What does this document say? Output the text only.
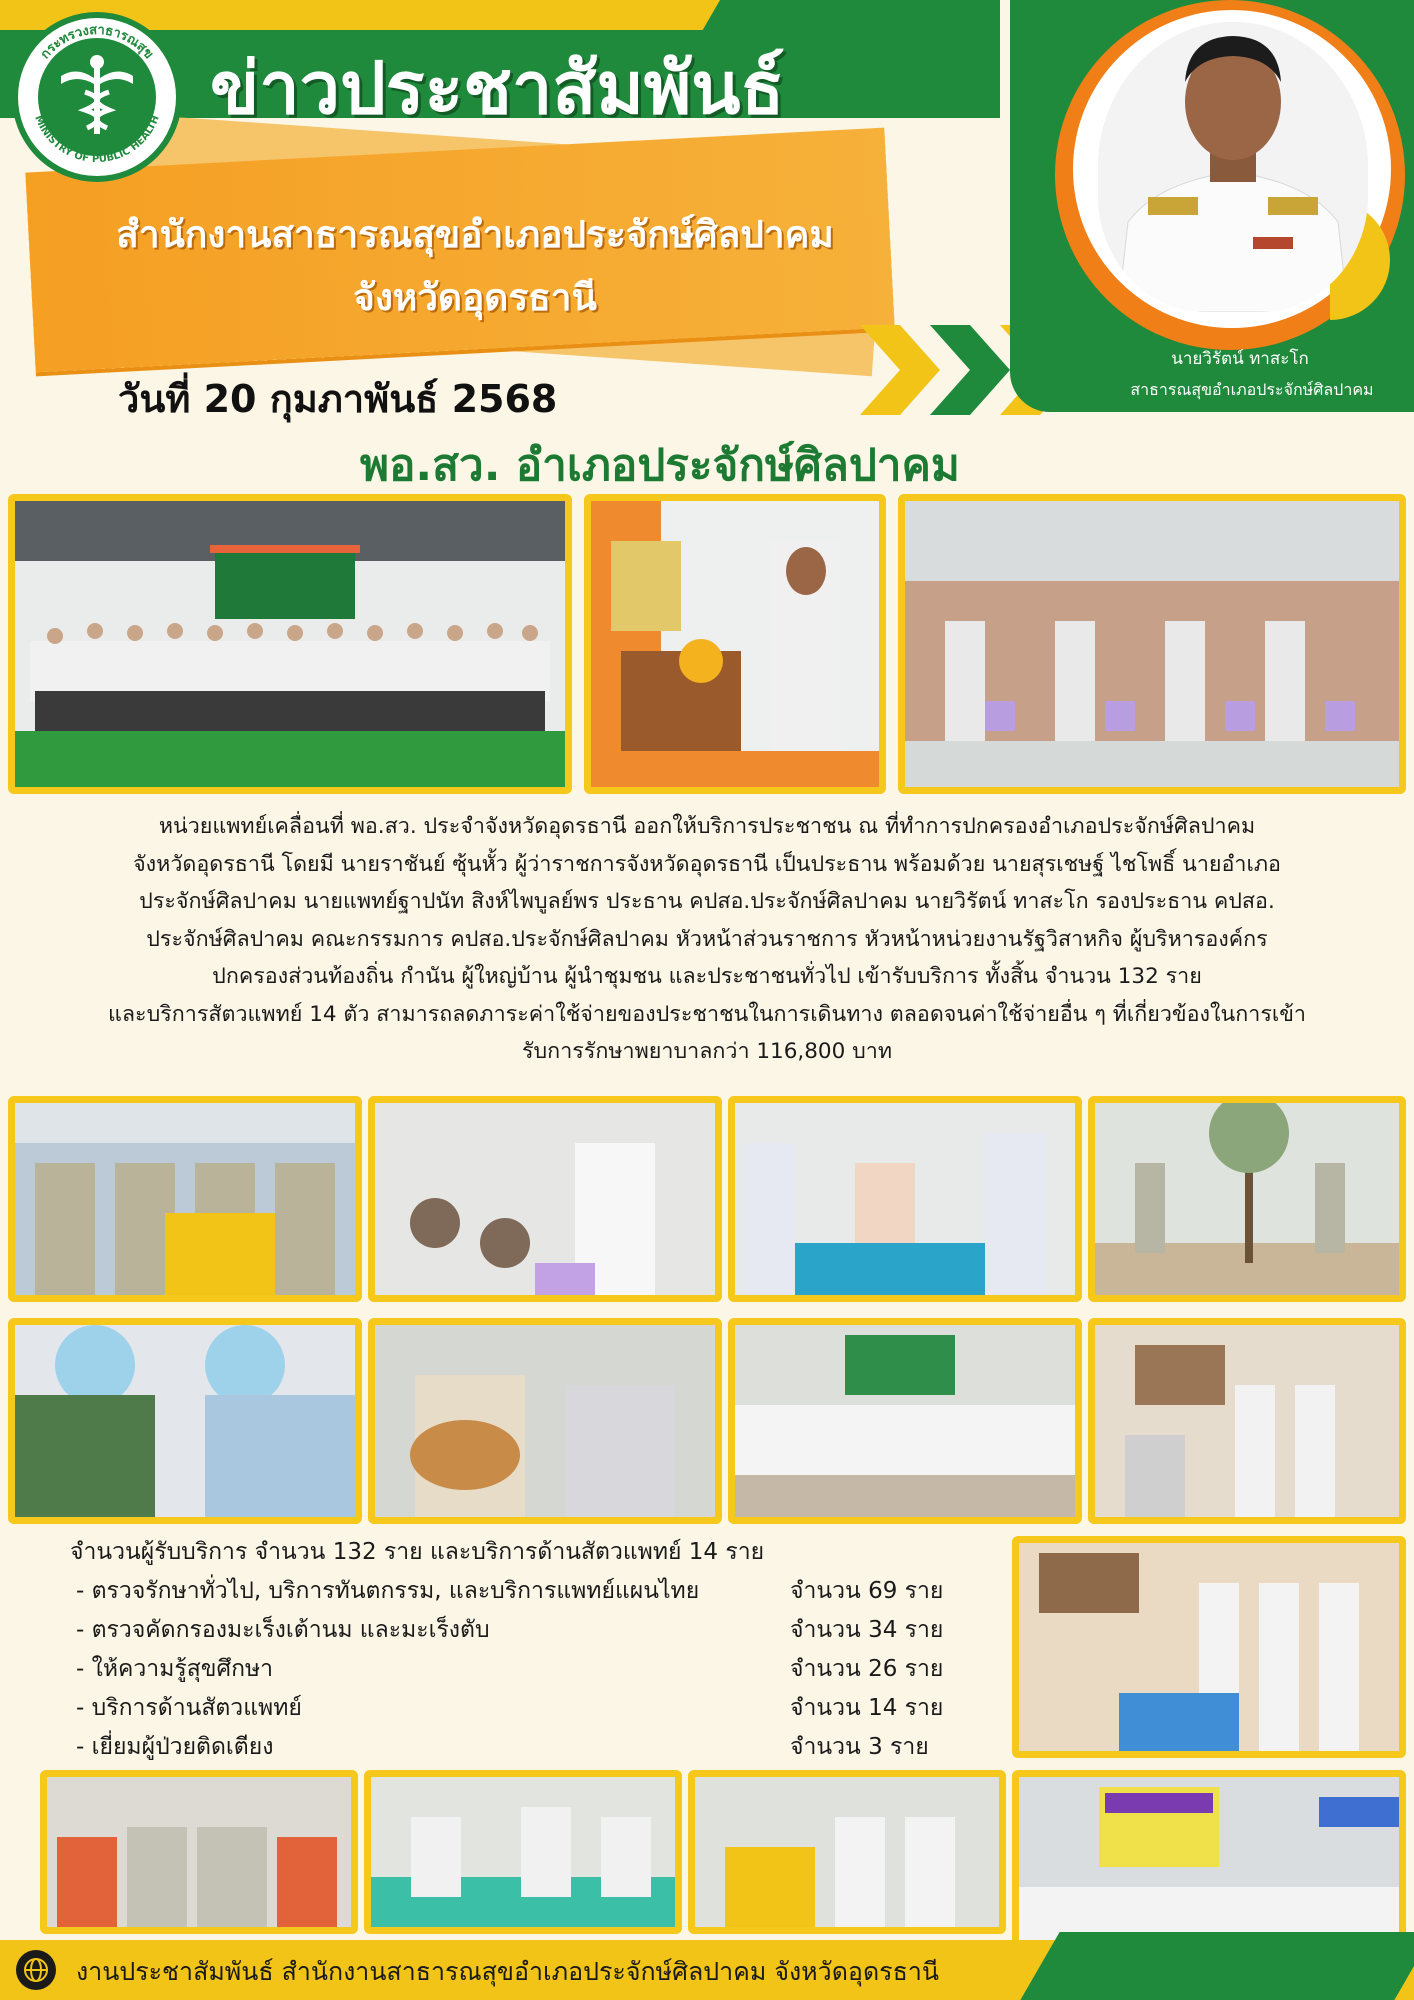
กระทรวงสาธารณสุข
MINISTRY OF PUBLIC HEALTH ข่าวประชาสัมพันธ์
สำนักงานสาธารณสุขอำเภอประจักษ์ศิลปาคม
จังหวัดอุดรธานี
วันที่ 20 กุมภาพันธ์ 2568
พอ.สว. อำเภอประจักษ์ศิลปาคม
นายวิรัตน์ ทาสะโก
สาธารณสุขอำเภอประจักษ์ศิลปาคม
หน่วยแพทย์เคลื่อนที่ พอ.สว. ประจำจังหวัดอุดรธานี ออกให้บริการประชาชน ณ ที่ทำการปกครองอำเภอประจักษ์ศิลปาคม
จังหวัดอุดรธานี โดยมี นายราชันย์ ซุ้นหั้ว ผู้ว่าราชการจังหวัดอุดรธานี เป็นประธาน พร้อมด้วย นายสุรเชษฐ์ ไชโพธิ์ นายอำเภอ
ประจักษ์ศิลปาคม นายแพทย์ฐาปนัท สิงห์ไพบูลย์พร ประธาน คปสอ.ประจักษ์ศิลปาคม นายวิรัตน์ ทาสะโก รองประธาน คปสอ.
ประจักษ์ศิลปาคม คณะกรรมการ คปสอ.ประจักษ์ศิลปาคม หัวหน้าส่วนราชการ หัวหน้าหน่วยงานรัฐวิสาหกิจ ผู้บริหารองค์กร
ปกครองส่วนท้องถิ่น กำนัน ผู้ใหญ่บ้าน ผู้นำชุมชน และประชาชนทั่วไป เข้ารับบริการ ทั้งสิ้น จำนวน 132 ราย
และบริการสัตวแพทย์ 14 ตัว สามารถลดภาระค่าใช้จ่ายของประชาชนในการเดินทาง ตลอดจนค่าใช้จ่ายอื่น ๆ ที่เกี่ยวข้องในการเข้า
รับการรักษาพยาบาลกว่า 116,800 บาท
จำนวนผู้รับบริการ จำนวน 132 ราย และบริการด้านสัตวแพทย์ 14 ราย
- ตรวจรักษาทั่วไป, บริการทันตกรรม, และบริการแพทย์แผนไทย	จำนวน 69 ราย
- ตรวจคัดกรองมะเร็งเต้านม และมะเร็งตับ	จำนวน 34 ราย
- ให้ความรู้สุขศึกษา	จำนวน 26 ราย
- บริการด้านสัตวแพทย์	จำนวน 14 ราย
- เยี่ยมผู้ป่วยติดเตียง	จำนวน 3 ราย
งานประชาสัมพันธ์ สำนักงานสาธารณสุขอำเภอประจักษ์ศิลปาคม จังหวัดอุดรธานี
